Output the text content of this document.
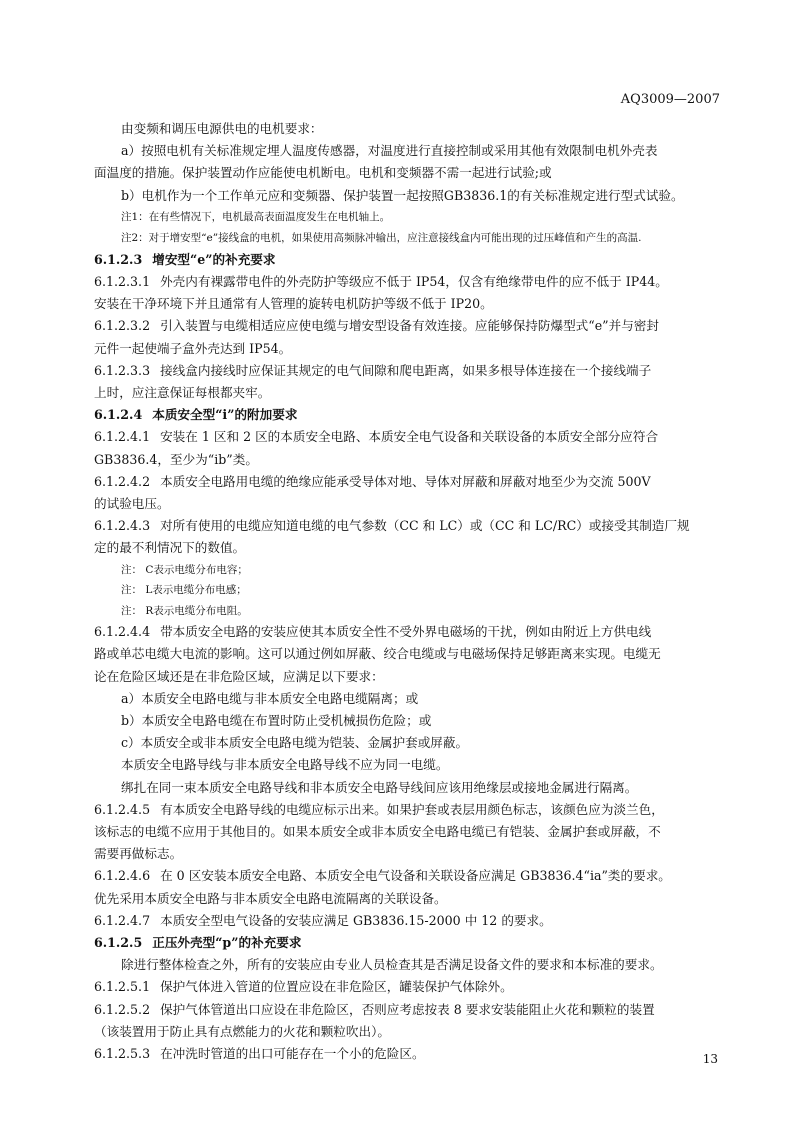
AQ3009—2007

由变频和调压电源供电的电机要求：

a）按照电机有关标准规定埋人温度传感器，对温度进行直接控制或采用其他有效限制电机外壳表

面温度的措施。保护装置动作应能使电机断电。电机和变频器不需一起进行试验;或

b）电机作为一个工作单元应和变频器、保护装置一起按照GB3836.1的有关标准规定进行型式试验。

注1：在有些情况下，电机最高表面温度发生在电机轴上。

注2：对于增安型“e”接线盒的电机，如果使用高频脉冲输出，应注意接线盒内可能出现的过压峰值和产生的高温.

6.1.2.3 增安型“e”的补充要求

6.1.2.3.1 外壳内有裸露带电件的外壳防护等级应不低于 IP54，仅含有绝缘带电件的应不低于 IP44。

安装在干净环境下并且通常有人管理的旋转电机防护等级不低于 IP20。

6.1.2.3.2 引入装置与电缆相适应应使电缆与增安型设备有效连接。应能够保持防爆型式“e”并与密封

元件一起使端子盒外壳达到 IP54。

6.1.2.3.3 接线盒内接线时应保证其规定的电气间隙和爬电距离，如果多根导体连接在一个接线端子

上时，应注意保证每根都夹牢。

6.1.2.4 本质安全型“i”的附加要求

6.1.2.4.1 安装在 1 区和 2 区的本质安全电路、本质安全电气设备和关联设备的本质安全部分应符合

GB3836.4，至少为“ib”类。

6.1.2.4.2 本质安全电路用电缆的绝缘应能承受导体对地、导体对屏蔽和屏蔽对地至少为交流 500V

的试验电压。

6.1.2.4.3 对所有使用的电缆应知道电缆的电气参数（CC 和 LC）或（CC 和 LC/RC）或接受其制造厂规

定的最不利情况下的数值。

注： C表示电缆分布电容；

注： L表示电缆分布电感；

注： R表示电缆分布电阻。

6.1.2.4.4 带本质安全电路的安装应使其本质安全性不受外界电磁场的干扰，例如由附近上方供电线

路或单芯电缆大电流的影响。这可以通过例如屏蔽、绞合电缆或与电磁场保持足够距离来实现。电缆无

论在危险区域还是在非危险区域，应满足以下要求：

a）本质安全电路电缆与非本质安全电路电缆隔离；或

b）本质安全电路电缆在布置时防止受机械损伤危险；或

c）本质安全或非本质安全电路电缆为铠装、金属护套或屏蔽。

本质安全电路导线与非本质安全电路导线不应为同一电缆。

绑扎在同一束本质安全电路导线和非本质安全电路导线间应该用绝缘层或接地金属进行隔离。

6.1.2.4.5 有本质安全电路导线的电缆应标示出来。如果护套或表层用颜色标志，该颜色应为淡兰色，

该标志的电缆不应用于其他目的。如果本质安全或非本质安全电路电缆已有铠装、金属护套或屏蔽，不

需要再做标志。

6.1.2.4.6 在 0 区安装本质安全电路、本质安全电气设备和关联设备应满足 GB3836.4“ia”类的要求。

优先采用本质安全电路与非本质安全电路电流隔离的关联设备。

6.1.2.4.7 本质安全型电气设备的安装应满足 GB3836.15-2000 中 12 的要求。

6.1.2.5 正压外壳型“p”的补充要求

除进行整体检查之外，所有的安装应由专业人员检查其是否满足设备文件的要求和本标准的要求。

6.1.2.5.1 保护气体进入管道的位置应设在非危险区，罐装保护气体除外。

6.1.2.5.2 保护气体管道出口应设在非危险区，否则应考虑按表 8 要求安装能阻止火花和颗粒的装置

（该装置用于防止具有点燃能力的火花和颗粒吹出）。

6.1.2.5.3 在冲洗时管道的出口可能存在一个小的危险区。	13
